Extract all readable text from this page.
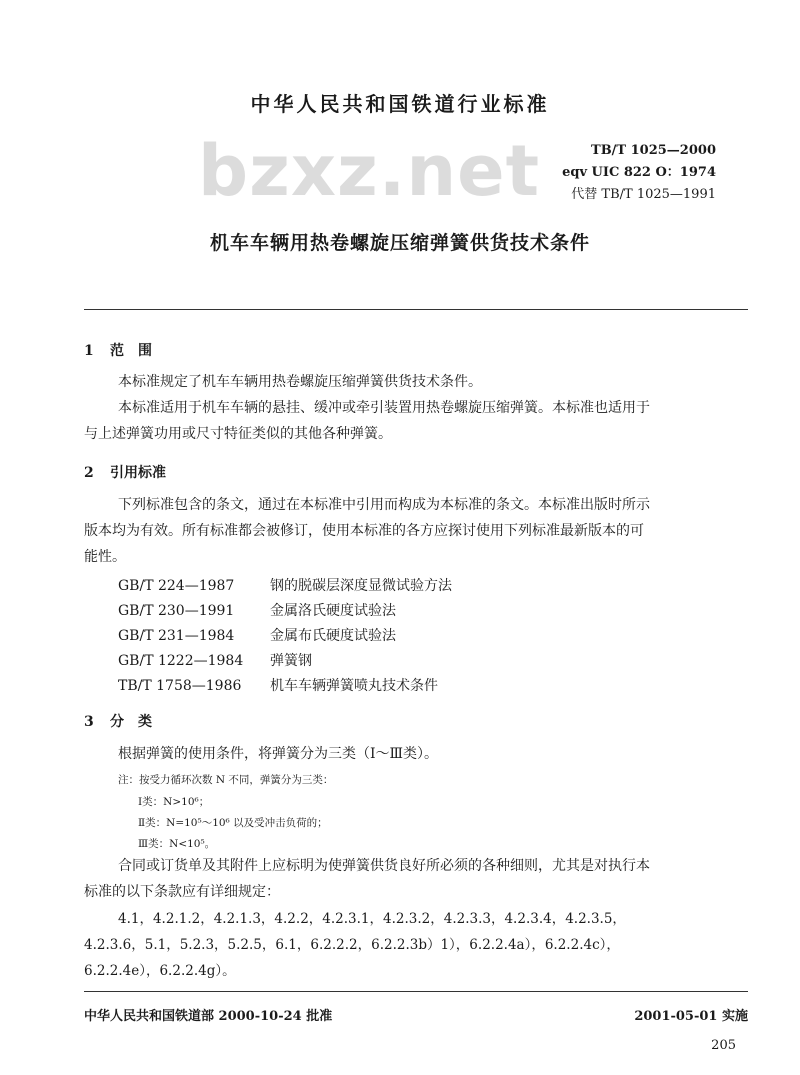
中华人民共和国铁道行业标准
bzxz.net	TB/T 1025—2000
eqv UIC 822 O：1974
代替 TB/T 1025—1991
机车车辆用热卷螺旋压缩弹簧供货技术条件
1 范　围
本标准规定了机车车辆用热卷螺旋压缩弹簧供货技术条件。
本标准适用于机车车辆的悬挂、缓冲或牵引装置用热卷螺旋压缩弹簧。本标准也适用于
与上述弹簧功用或尺寸特征类似的其他各种弹簧。
2 引用标准
下列标准包含的条文，通过在本标准中引用而构成为本标准的条文。本标准出版时所示
版本均为有效。所有标准都会被修订，使用本标准的各方应探讨使用下列标准最新版本的可
能性。
GB/T 224—1987	钢的脱碳层深度显微试验方法
GB/T 230—1991	金属洛氏硬度试验法
GB/T 231—1984	金属布氏硬度试验法
GB/T 1222—1984 弹簧钢
TB/T 1758—1986 机车车辆弹簧喷丸技术条件
3 分　类
根据弹簧的使用条件，将弹簧分为三类（Ⅰ～Ⅲ类）。
注：按受力循环次数 N 不同，弹簧分为三类：
Ⅰ类：N>10⁶；
Ⅱ类：N=10⁵～10⁶ 以及受冲击负荷的；
Ⅲ类：N<10⁵。
合同或订货单及其附件上应标明为使弹簧供货良好所必须的各种细则，尤其是对执行本
标准的以下条款应有详细规定：
4.1，4.2.1.2，4.2.1.3，4.2.2，4.2.3.1，4.2.3.2，4.2.3.3，4.2.3.4，4.2.3.5，
4.2.3.6，5.1，5.2.3，5.2.5，6.1，6.2.2.2，6.2.2.3b）1），6.2.2.4a），6.2.2.4c），
6.2.2.4e），6.2.2.4g）。
中华人民共和国铁道部 2000-10-24 批准	2001-05-01 实施
205
